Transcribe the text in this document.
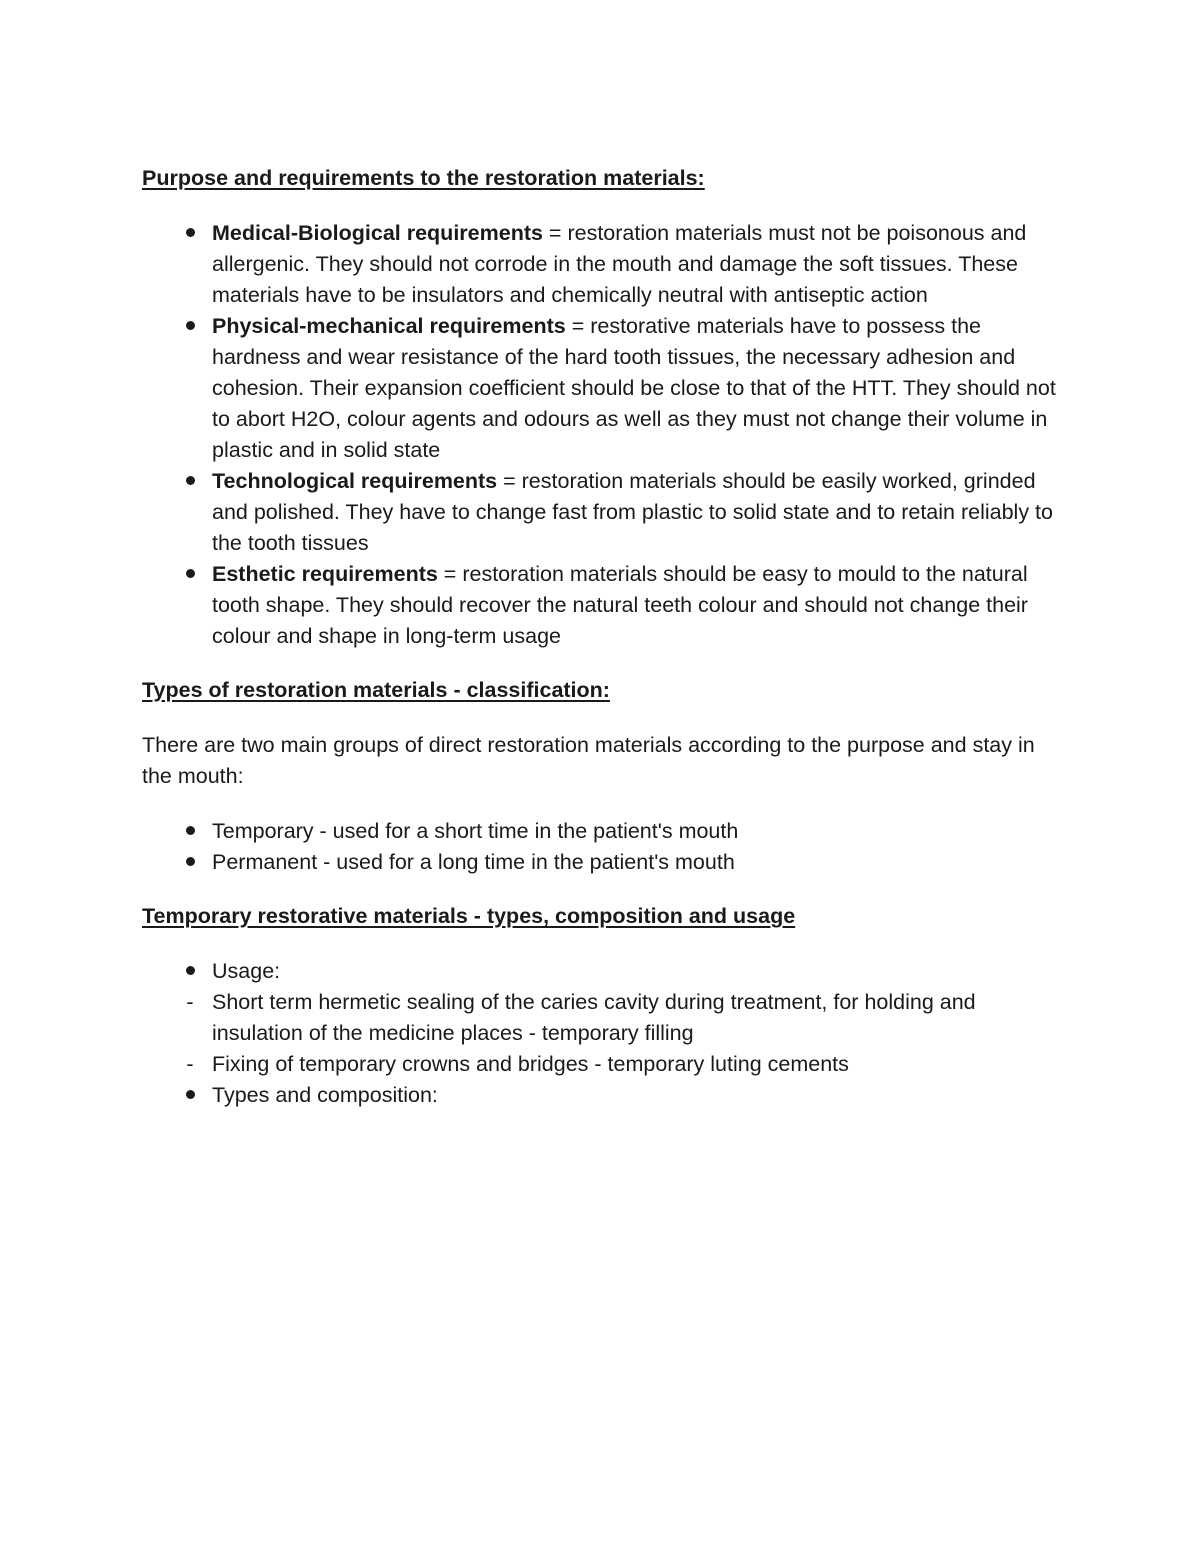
Purpose and requirements to the restoration materials:

Medical-Biological requirements = restoration materials must not be poisonous and allergenic. They should not corrode in the mouth and damage the soft tissues. These materials have to be insulators and chemically neutral with antiseptic action
Physical-mechanical requirements = restorative materials have to possess the hardness and wear resistance of the hard tooth tissues, the necessary adhesion and cohesion. Their expansion coefficient should be close to that of the HTT. They should not to abort H2O, colour agents and odours as well as they must not change their volume in plastic and in solid state
Technological requirements = restoration materials should be easily worked, grinded and polished. They have to change fast from plastic to solid state and to retain reliably to the tooth tissues
Esthetic requirements = restoration materials should be easy to mould to the natural tooth shape. They should recover the natural teeth colour and should not change their colour and shape in long-term usage

Types of restoration materials - classification:

There are two main groups of direct restoration materials according to the purpose and stay in the mouth:

Temporary - used for a short time in the patient's mouth
Permanent - used for a long time in the patient's mouth

Temporary restorative materials - types, composition and usage

Usage:
- Short term hermetic sealing of the caries cavity during treatment, for holding and insulation of the medicine places - temporary filling
- Fixing of temporary crowns and bridges - temporary luting cements
Types and composition:
